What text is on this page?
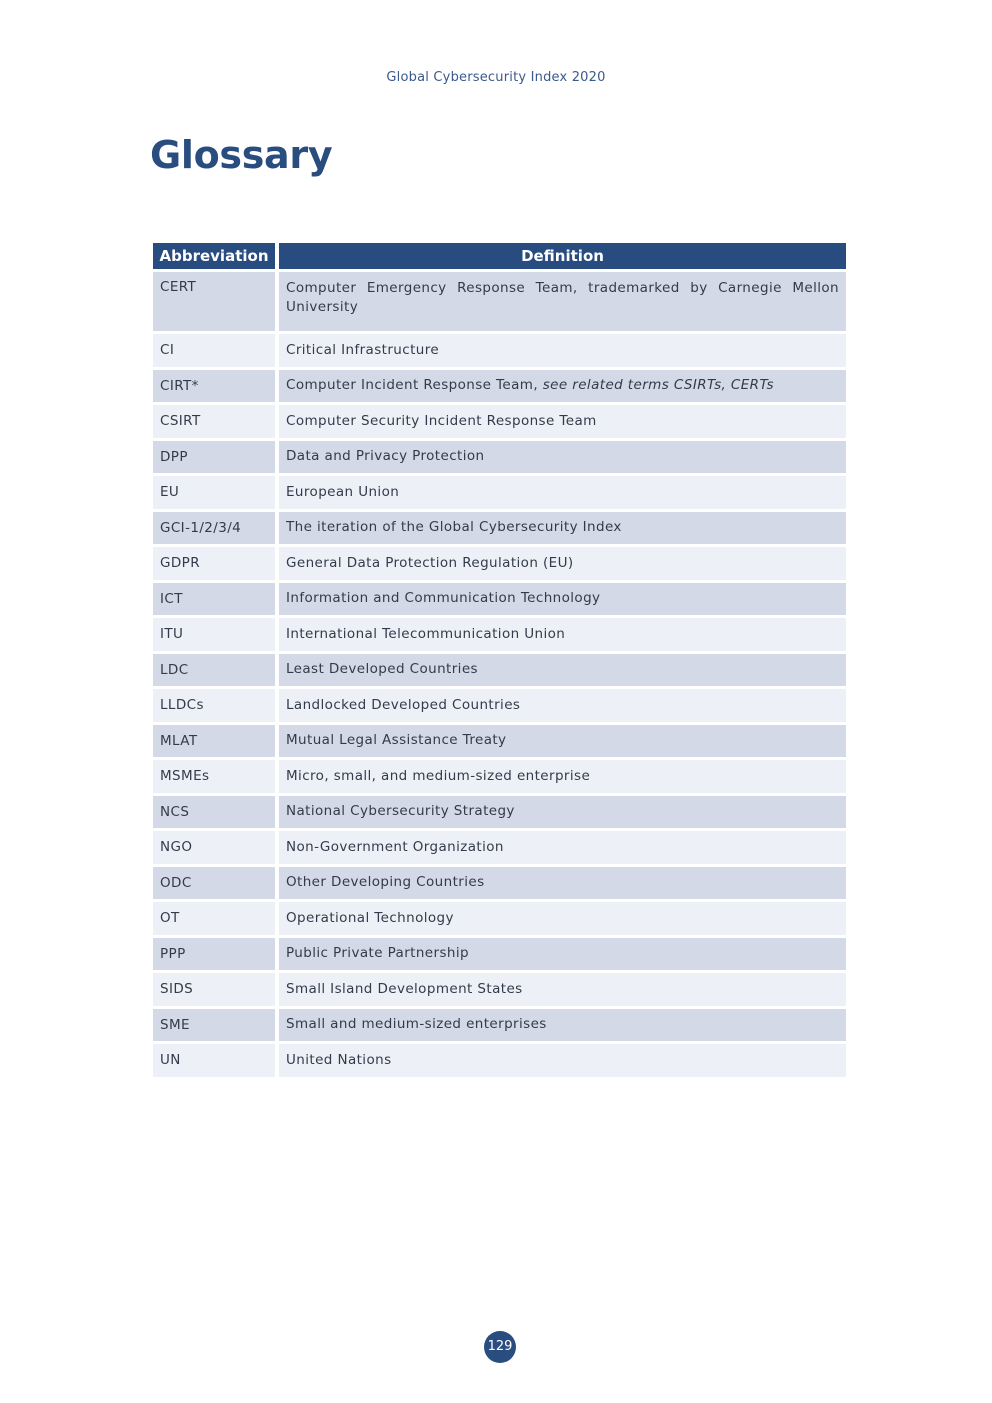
Global Cybersecurity Index 2020
Glossary
Abbreviation	Definition
CERT	Computer Emergency Response Team, trademarked by Carnegie Mellon University
CI	Critical Infrastructure
CIRT*	Computer Incident Response Team, see related terms CSIRTs, CERTs
CSIRT	Computer Security Incident Response Team
DPP	Data and Privacy Protection
EU	European Union
GCI-1/2/3/4	The iteration of the Global Cybersecurity Index
GDPR	General Data Protection Regulation (EU)
ICT	Information and Communication Technology
ITU	International Telecommunication Union
LDC	Least Developed Countries
LLDCs	Landlocked Developed Countries
MLAT	Mutual Legal Assistance Treaty
MSMEs	Micro, small, and medium-sized enterprise
NCS	National Cybersecurity Strategy
NGO	Non-Government Organization
ODC	Other Developing Countries
OT	Operational Technology
PPP	Public Private Partnership
SIDS	Small Island Development States
SME	Small and medium-sized enterprises
UN	United Nations
129
